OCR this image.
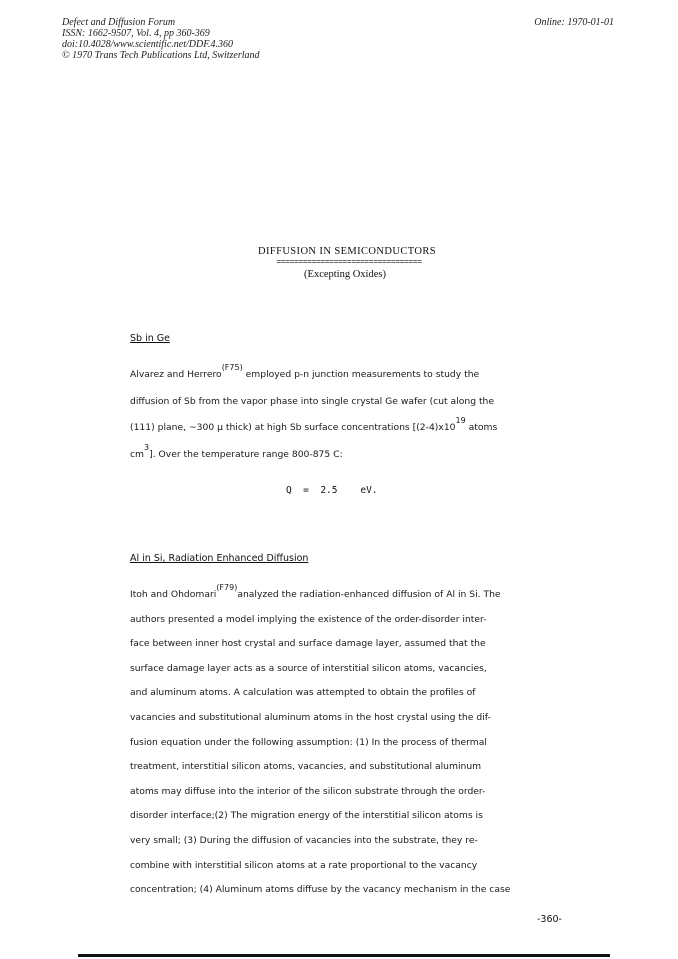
Defect and Diffusion Forum
ISSN: 1662-9507, Vol. 4, pp 360-369
doi:10.4028/www.scientific.net/DDF.4.360
© 1970 Trans Tech Publications Ltd, Switzerland
Online: 1970-01-01
DIFFUSION IN SEMICONDUCTORS
=================================
(Excepting Oxides)
Sb in Ge
Alvarez and Herrero$^{(F75)}$ employed p-n junction measurements to study the
diffusion of Sb from the vapor phase into single crystal Ge wafer (cut along the
(111) plane, ~300 μ thick) at high Sb surface concentrations [$(2-4)x10^{19}$ atoms
$cm^3$]. Over the temperature range 800-875 C:
Q  =  2.5    eV.
Al in Si, Radiation Enhanced Diffusion
Itoh and Ohdomari$^{(F79)}$analyzed the radiation-enhanced diffusion of Al in Si. The
authors presented a model implying the existence of the order-disorder inter-
face between inner host crystal and surface damage layer, assumed that the
surface damage layer acts as a source of interstitial silicon atoms, vacancies,
and aluminum atoms. A calculation was attempted to obtain the profiles of
vacancies and substitutional aluminum atoms in the host crystal using the dif-
fusion equation under the following assumption: (1) In the process of thermal
treatment, interstitial silicon atoms, vacancies, and substitutional aluminum
atoms may diffuse into the interior of the silicon substrate through the order-
disorder interface;(2) The migration energy of the interstitial silicon atoms is
very small; (3) During the diffusion of vacancies into the substrate, they re-
combine with interstitial silicon atoms at a rate proportional to the vacancy
concentration; (4) Aluminum atoms diffuse by the vacancy mechanism in the case
-360-
